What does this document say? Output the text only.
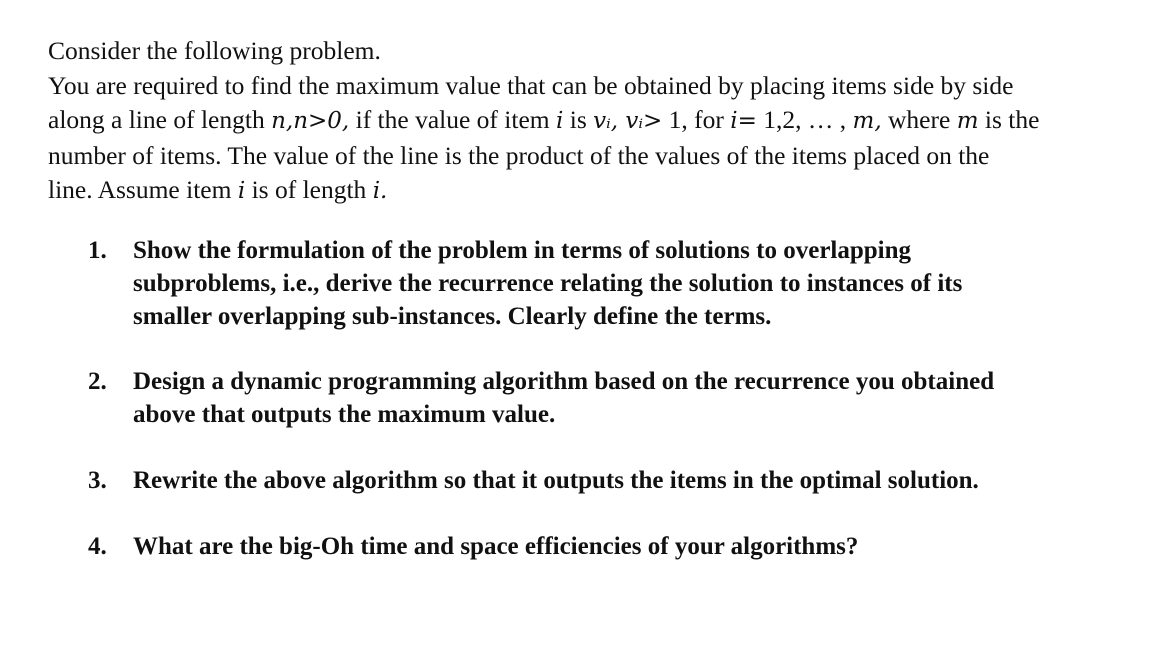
Consider the following problem.
You are required to find the maximum value that can be obtained by placing items side by side
along a line of length n,n>0, if the value of item i is vᵢ, vᵢ> 1, for i= 1,2, … , m, where m is the
number of items. The value of the line is the product of the values of the items placed on the
line. Assume item i is of length i.

1. Show the formulation of the problem in terms of solutions to overlapping
subproblems, i.e., derive the recurrence relating the solution to instances of its
smaller overlapping sub-instances. Clearly define the terms.
2. Design a dynamic programming algorithm based on the recurrence you obtained
above that outputs the maximum value.
3. Rewrite the above algorithm so that it outputs the items in the optimal solution.
4. What are the big-Oh time and space efficiencies of your algorithms?
